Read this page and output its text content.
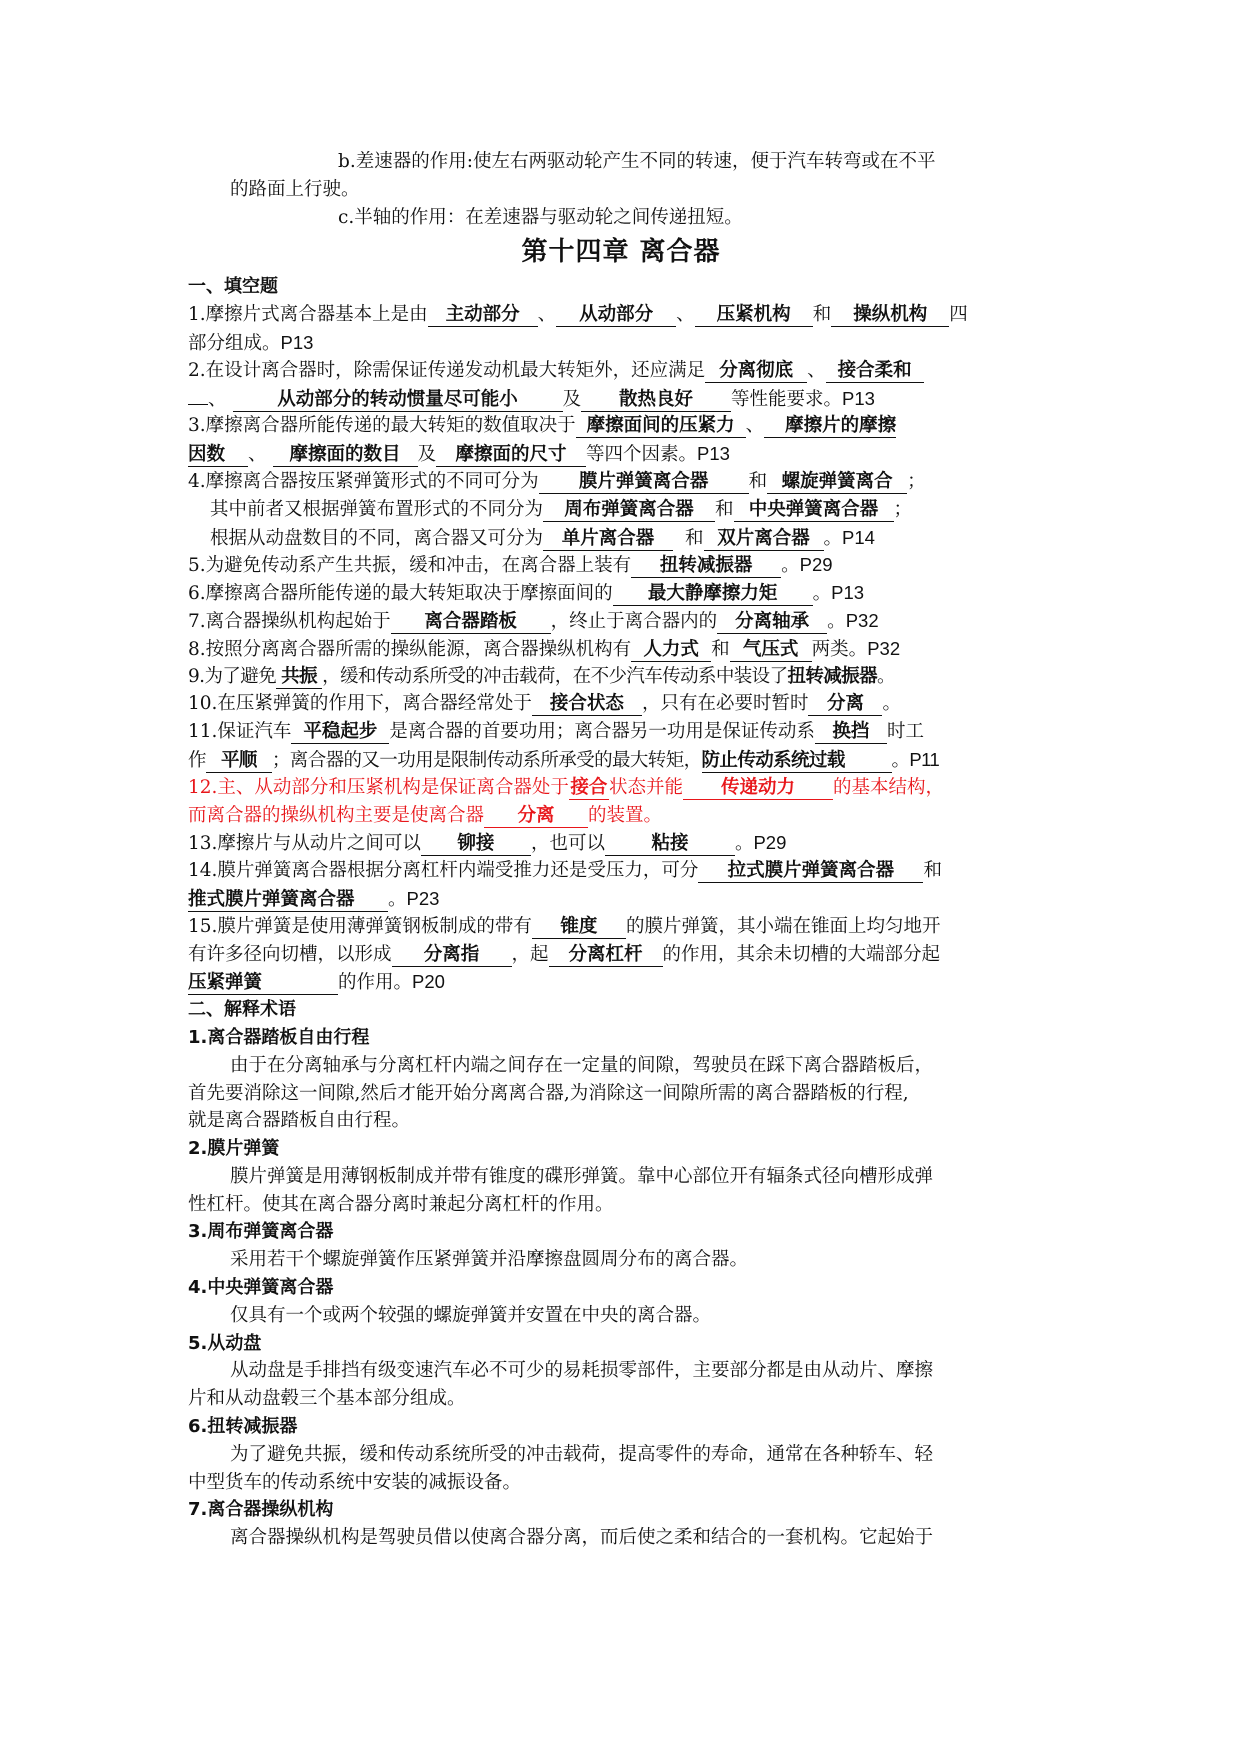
b.差速器的作用:使左右两驱动轮产生不同的转速，便于汽车转弯或在不平
的路面上行驶。
c.半轴的作用：在差速器与驱动轮之间传递扭短。
第十四章 离合器
一、填空题
1.摩擦片式离合器基本上是由 主动部分 、 从动部分 、 压紧机构 和 操纵机构 四
部分组成。P13
2.在设计离合器时，除需保证传递发动机最大转矩外，还应满足 分离彻底 、 接合柔和
、	从动部分的转动惯量尽可能小 及 散热良好 等性能要求。P13
3.摩擦离合器所能传递的最大转矩的数值取决于 摩擦面间的压紧力 、 摩擦片的摩擦
因数 、 摩擦面的数目 及 摩擦面的尺寸 等四个因素。P13
4.摩擦离合器按压紧弹簧形式的不同可分为 膜片弹簧离合器 和 螺旋弹簧离合 ；
其中前者又根据弹簧布置形式的不同分为 周布弹簧离合器 和 中央弹簧离合器 ；
根据从动盘数目的不同，离合器又可分为 单片离合器 和 双片离合器 。P14
5.为避免传动系产生共振，缓和冲击，在离合器上装有 扭转减振器 。P29
6.摩擦离合器所能传递的最大转矩取决于摩擦面间的 最大静摩擦力矩 。P13
7.离合器操纵机构起始于 离合器踏板 ，终止于离合器内的 分离轴承 。P32
8.按照分离离合器所需的操纵能源，离合器操纵机构有 人力式 和 气压式 两类。P32
9.为了避免 共振 ，缓和传动系所受的冲击载荷，在不少汽车传动系中装设了扭转减振器。
10.在压紧弹簧的作用下，离合器经常处于 接合状态 ，只有在必要时暂时 分离 。
11.保证汽车 平稳起步 是离合器的首要功用；离合器另一功用是保证传动系 换挡 时工
作 平顺 ；离合器的又一功用是限制传动系所承受的最大转矩，防止传动系统过载	。P11
12.主、从动部分和压紧机构是保证离合器处于接合状态并能 传递动力 的基本结构，
而离合器的操纵机构主要是使离合器 分离 的装置。
13.摩擦片与从动片之间可以 铆接 ，也可以	粘接	。P29
14.膜片弹簧离合器根据分离杠杆内端受推力还是受压力，可分 拉式膜片弹簧离合器 和
推式膜片弹簧离合器 。P23
15.膜片弹簧是使用薄弹簧钢板制成的带有 锥度 的膜片弹簧，其小端在锥面上均匀地开
有许多径向切槽，以形成 分离指 ，起 分离杠杆 的作用，其余未切槽的大端部分起
压紧弹簧	的作用。P20
二、解释术语
1.离合器踏板自由行程
由于在分离轴承与分离杠杆内端之间存在一定量的间隙，驾驶员在踩下离合器踏板后，
首先要消除这一间隙,然后才能开始分离离合器,为消除这一间隙所需的离合器踏板的行程,
就是离合器踏板自由行程。
2.膜片弹簧
膜片弹簧是用薄钢板制成并带有锥度的碟形弹簧。靠中心部位开有辐条式径向槽形成弹
性杠杆。使其在离合器分离时兼起分离杠杆的作用。
3.周布弹簧离合器
采用若干个螺旋弹簧作压紧弹簧并沿摩擦盘圆周分布的离合器。
4.中央弹簧离合器
仅具有一个或两个较强的螺旋弹簧并安置在中央的离合器。
5.从动盘
从动盘是手排挡有级变速汽车必不可少的易耗损零部件，主要部分都是由从动片、摩擦
片和从动盘毂三个基本部分组成。
6.扭转减振器
为了避免共振，缓和传动系统所受的冲击载荷，提高零件的寿命，通常在各种轿车、轻
中型货车的传动系统中安装的减振设备。
7.离合器操纵机构
离合器操纵机构是驾驶员借以使离合器分离，而后使之柔和结合的一套机构。它起始于
